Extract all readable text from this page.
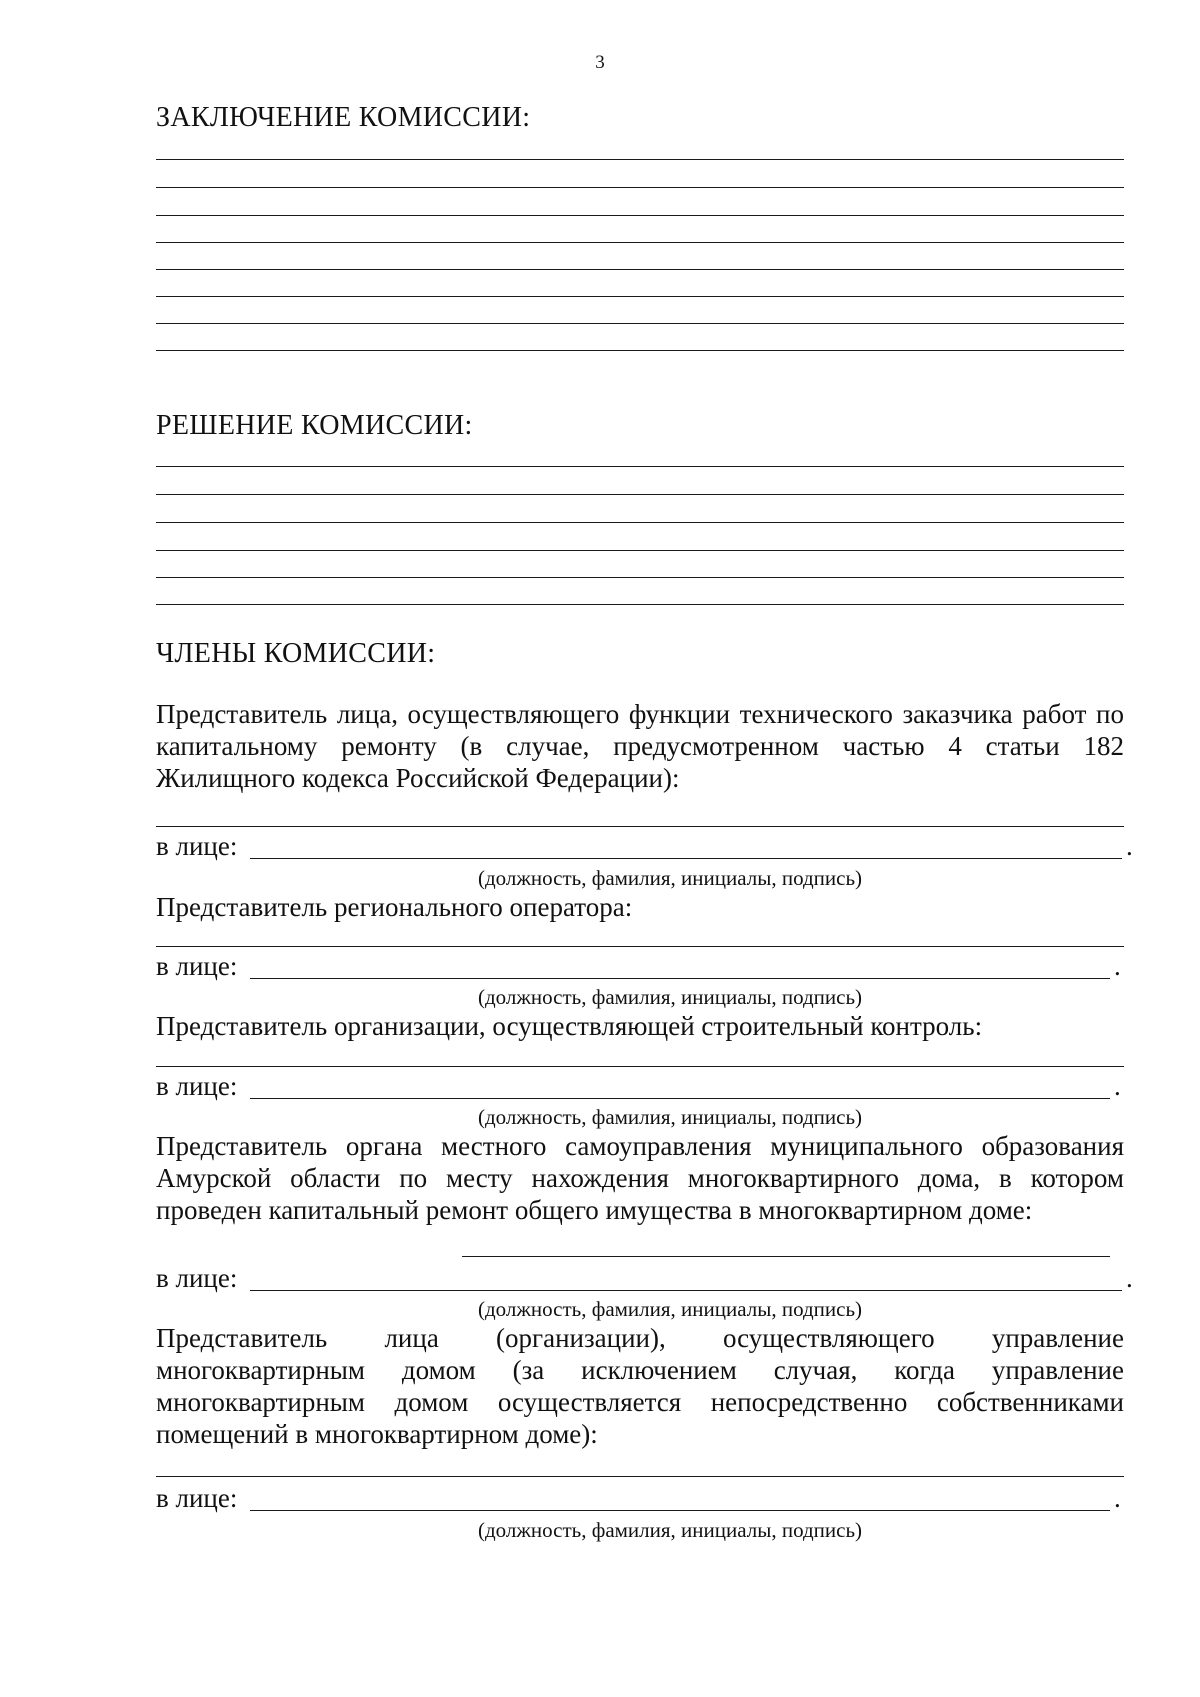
3
ЗАКЛЮЧЕНИЕ КОМИССИИ:
РЕШЕНИЕ КОМИССИИ:
ЧЛЕНЫ КОМИССИИ:
Представитель лица, осуществляющего функции технического заказчика работ по капитальному ремонту (в случае, предусмотренном частью 4 статьи 182 Жилищного кодекса Российской Федерации):
в лице:	.
(должность, фамилия, инициалы, подпись)
Представитель регионального оператора:
в лице:	.
(должность, фамилия, инициалы, подпись)
Представитель организации, осуществляющей строительный контроль:
в лице:	.
(должность, фамилия, инициалы, подпись)
Представитель органа местного самоуправления муниципального образования Амурской области по месту нахождения многоквартирного дома, в котором проведен капитальный ремонт общего имущества в многоквартирном доме:
в лице:	.
(должность, фамилия, инициалы, подпись)
Представитель лица (организации), осуществляющего управление многоквартирным домом (за исключением случая, когда управление многоквартирным домом осуществляется непосредственно собственниками помещений в многоквартирном доме):
в лице:	.
(должность, фамилия, инициалы, подпись)
